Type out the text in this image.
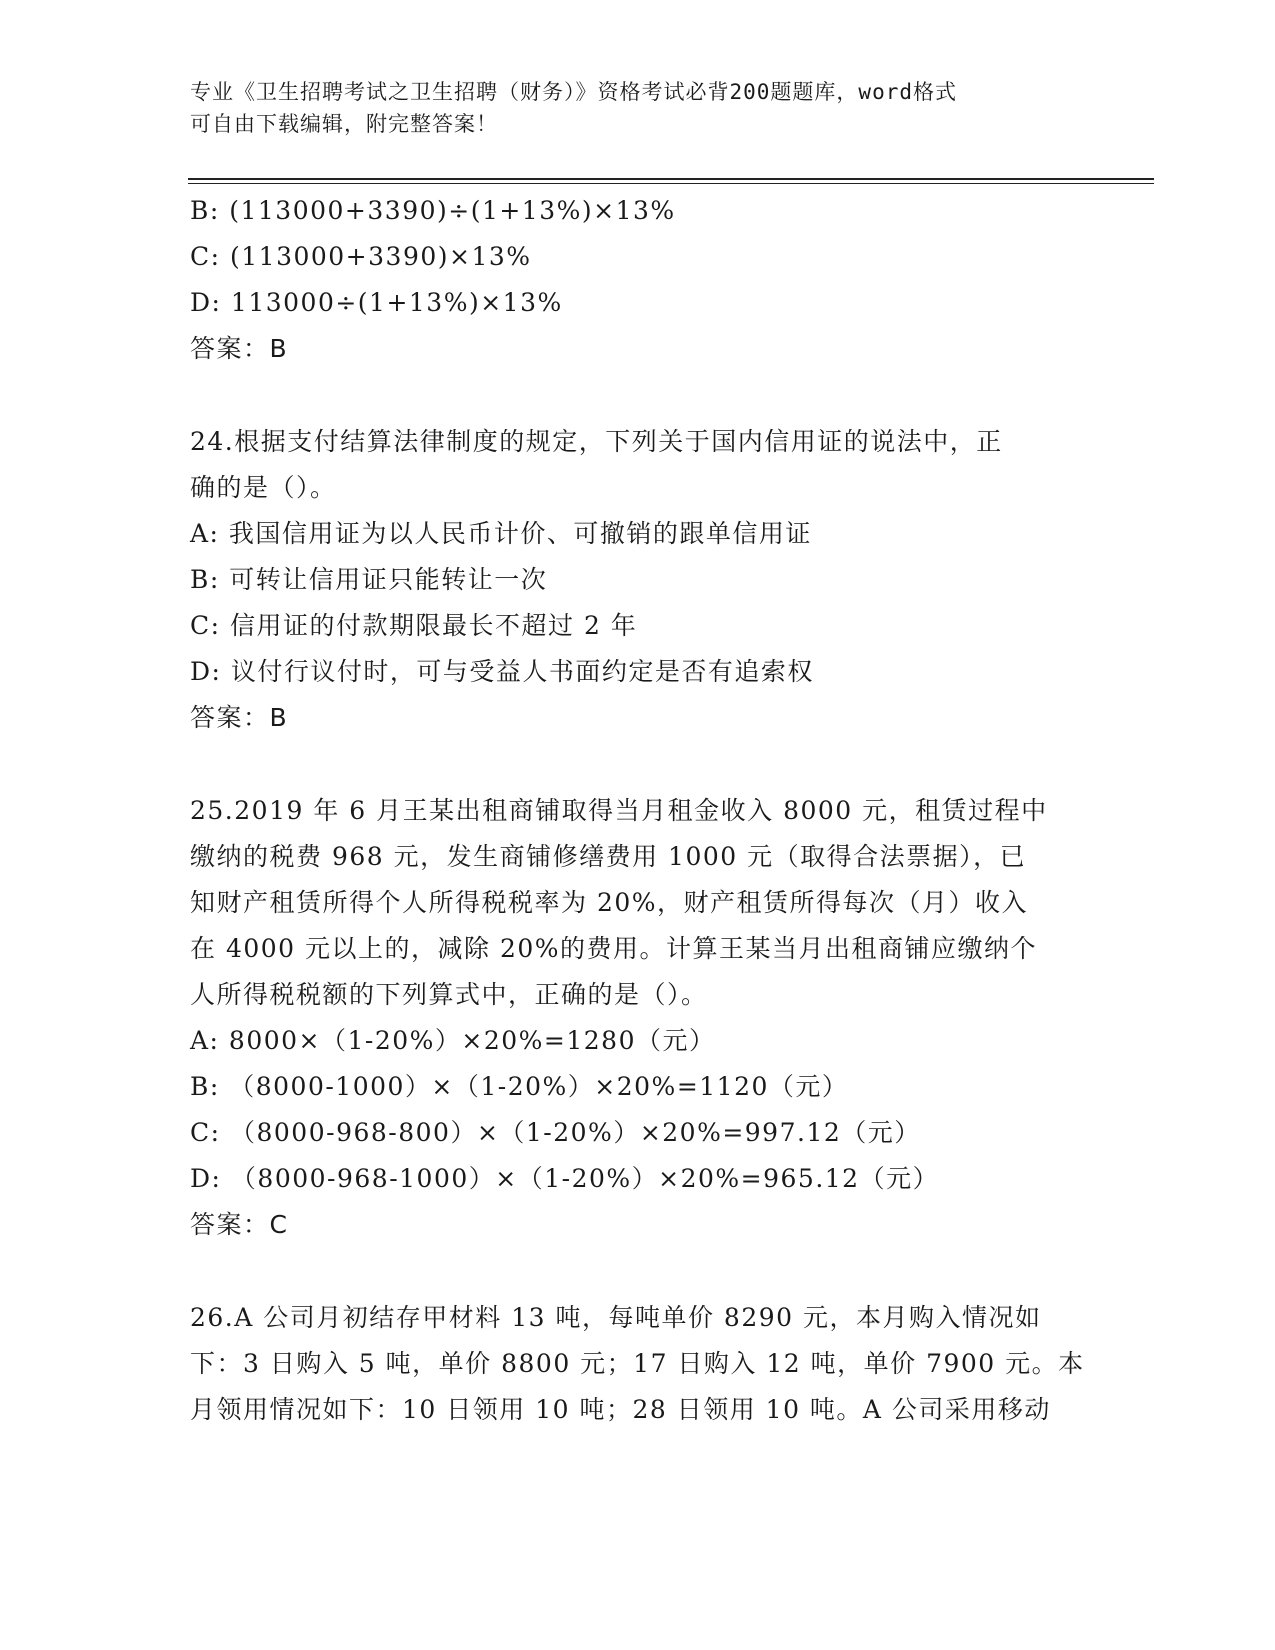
专业《卫生招聘考试之卫生招聘（财务）》资格考试必背200题题库，word格式
可自由下载编辑，附完整答案！
B: (113000+3390)÷(1+13%)×13%
C: (113000+3390)×13%
D: 113000÷(1+13%)×13%
答案：B
24.根据支付结算法律制度的规定，下列关于国内信用证的说法中，正
确的是（）。
A: 我国信用证为以人民币计价、可撤销的跟单信用证
B: 可转让信用证只能转让一次
C: 信用证的付款期限最长不超过 2 年
D: 议付行议付时，可与受益人书面约定是否有追索权
答案：B
25.2019 年 6 月王某出租商铺取得当月租金收入 8000 元，租赁过程中
缴纳的税费 968 元，发生商铺修缮费用 1000 元（取得合法票据），已
知财产租赁所得个人所得税税率为 20%，财产租赁所得每次（月）收入
在 4000 元以上的，减除 20%的费用。计算王某当月出租商铺应缴纳个
人所得税税额的下列算式中，正确的是（）。
A: 8000×（1-20%）×20%=1280（元）
B: （8000-1000）×（1-20%）×20%=1120（元）
C: （8000-968-800）×（1-20%）×20%=997.12（元）
D: （8000-968-1000）×（1-20%）×20%=965.12（元）
答案：C
26.A 公司月初结存甲材料 13 吨，每吨单价 8290 元，本月购入情况如
下：3 日购入 5 吨，单价 8800 元；17 日购入 12 吨，单价 7900 元。本
月领用情况如下：10 日领用 10 吨；28 日领用 10 吨。A 公司采用移动
